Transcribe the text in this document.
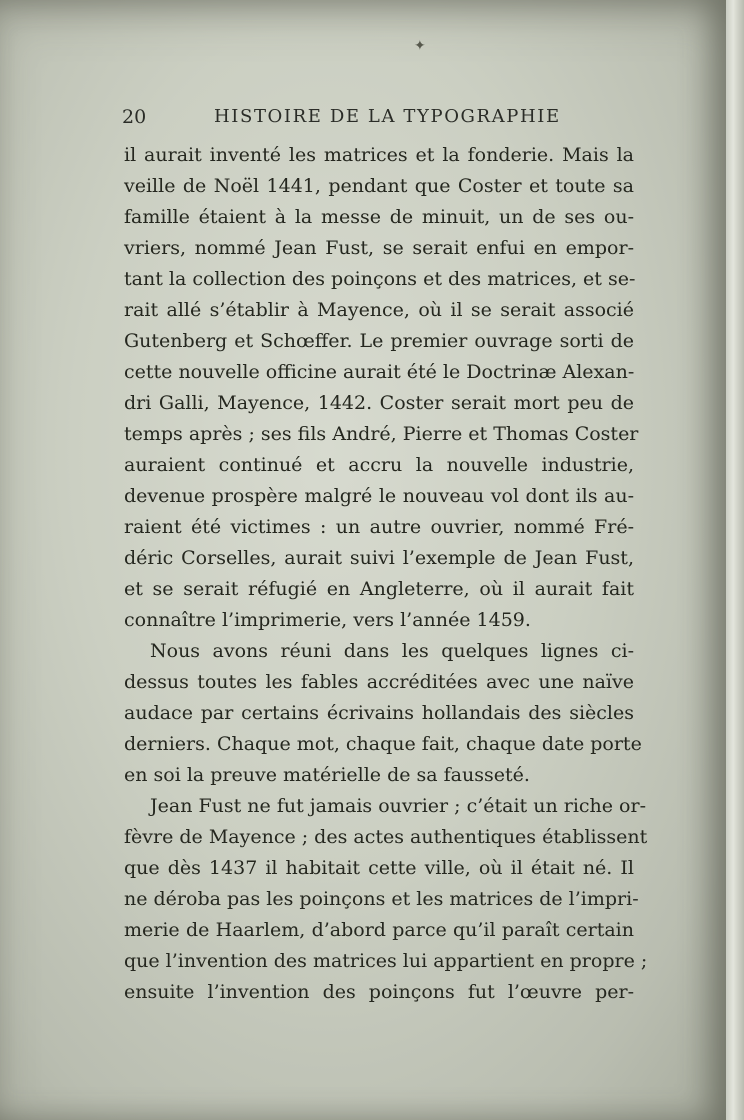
20	HISTOIRE DE LA TYPOGRAPHIE
il aurait inventé les matrices et la fonderie. Mais la
veille de Noël 1441, pendant que Coster et toute sa
famille étaient à la messe de minuit, un de ses ou-
vriers, nommé Jean Fust, se serait enfui en empor-
tant la collection des poinçons et des matrices, et se-
rait allé s’établir à Mayence, où il se serait associé
Gutenberg et Schœffer. Le premier ouvrage sorti de
cette nouvelle officine aurait été le Doctrinæ Alexan-
dri Galli, Mayence, 1442. Coster serait mort peu de
temps après ; ses fils André, Pierre et Thomas Coster
auraient continué et accru la nouvelle industrie,
devenue prospère malgré le nouveau vol dont ils au-
raient été victimes : un autre ouvrier, nommé Fré-
déric Corselles, aurait suivi l’exemple de Jean Fust,
et se serait réfugié en Angleterre, où il aurait fait
connaître l’imprimerie, vers l’année 1459.
Nous avons réuni dans les quelques lignes ci-
dessus toutes les fables accréditées avec une naïve
audace par certains écrivains hollandais des siècles
derniers. Chaque mot, chaque fait, chaque date porte
en soi la preuve matérielle de sa fausseté.
Jean Fust ne fut jamais ouvrier ; c’était un riche or-
fèvre de Mayence ; des actes authentiques établissent
que dès 1437 il habitait cette ville, où il était né. Il
ne déroba pas les poinçons et les matrices de l’impri-
merie de Haarlem, d’abord parce qu’il paraît certain
que l’invention des matrices lui appartient en propre ;
ensuite l’invention des poinçons fut l’œuvre per-
✦
